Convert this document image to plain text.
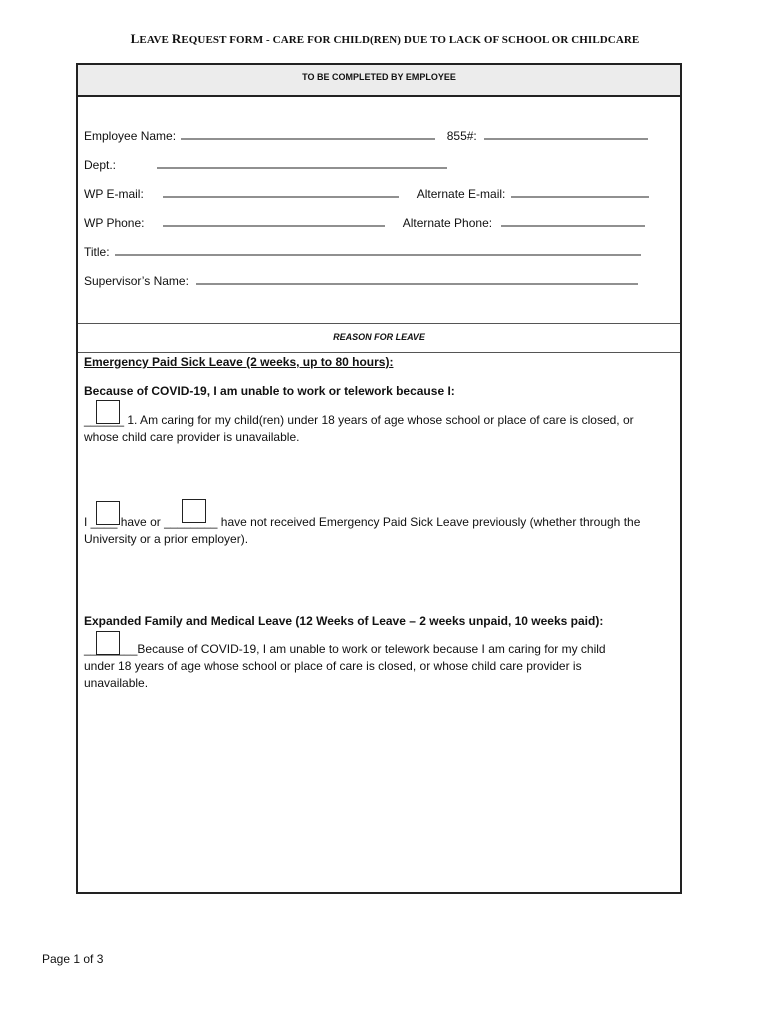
LEAVE REQUEST FORM - CARE FOR CHILD(REN) DUE TO LACK OF SCHOOL OR CHILDCARE
TO BE COMPLETED BY EMPLOYEE
Employee Name:	855#:
Dept.:
WP E-mail:	Alternate E-mail:
WP Phone:	Alternate Phone:
Title:
Supervisor’s Name:
REASON FOR LEAVE
Emergency Paid Sick Leave (2 weeks, up to 80 hours):
Because of COVID-19, I am unable to work or telework because I:
______ 1. Am caring for my child(ren) under 18 years of age whose school or place of care is closed, or
whose child care provider is unavailable.
I ____ have or ________ have not received Emergency Paid Sick Leave previously (whether through the
University or a prior employer).
Expanded Family and Medical Leave (12 Weeks of Leave – 2 weeks unpaid, 10 weeks paid):
________Because of COVID-19, I am unable to work or telework because I am caring for my child
under 18 years of age whose school or place of care is closed, or whose child care provider is
unavailable.
Page 1 of 3
